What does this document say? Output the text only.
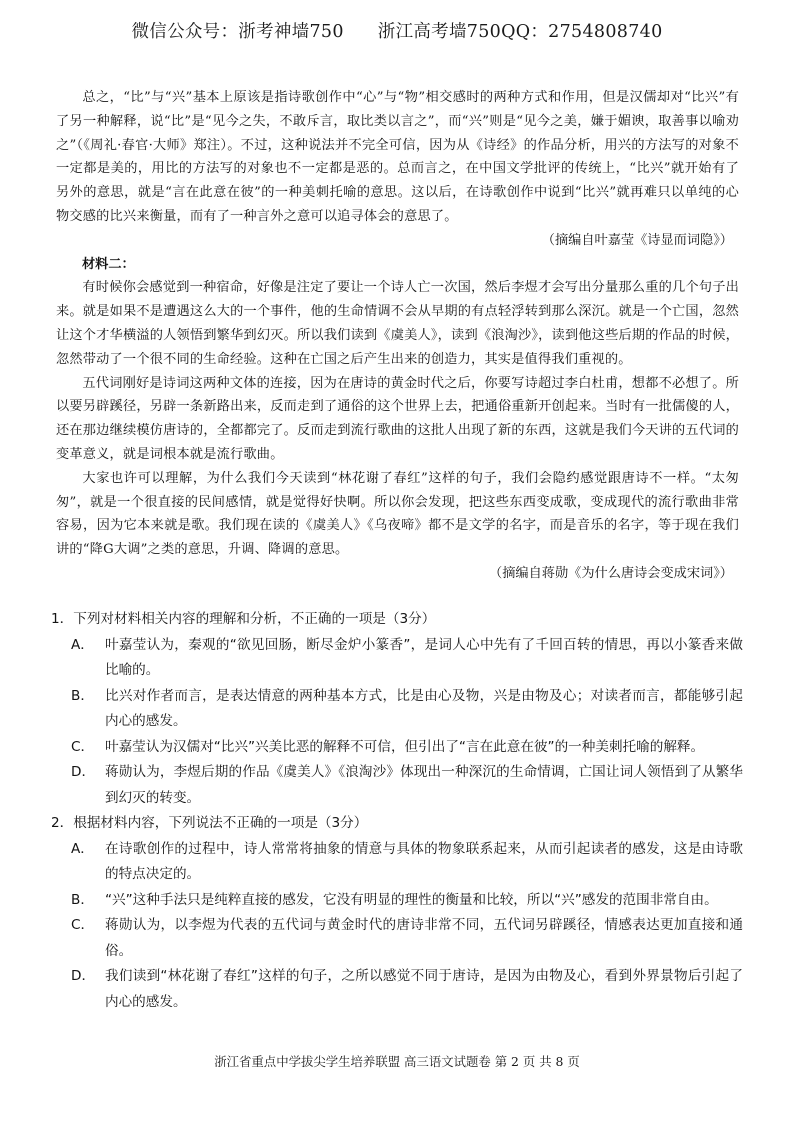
微信公众号：浙考神墙750 浙江高考墙750QQ：2754808740

总之，“比”与“兴”基本上原该是指诗歌创作中“心”与“物”相交感时的两种方式和作用，但是汉儒却对“比兴”有了另一种解释，说“比”是“见今之失，不敢斥言，取比类以言之”，而“兴”则是“见今之美，嫌于媚谀，取善事以喻劝之”（《周礼·春官·大师》郑注）。不过，这种说法并不完全可信，因为从《诗经》的作品分析，用兴的方法写的对象不一定都是美的，用比的方法写的对象也不一定都是恶的。总而言之，在中国文学批评的传统上，“比兴”就开始有了另外的意思，就是“言在此意在彼”的一种美刺托喻的意思。这以后，在诗歌创作中说到“比兴”就再难只以单纯的心物交感的比兴来衡量，而有了一种言外之意可以追寻体会的意思了。

（摘编自叶嘉莹《诗显而词隐》）

材料二：

有时候你会感觉到一种宿命，好像是注定了要让一个诗人亡一次国，然后李煜才会写出分量那么重的几个句子出来。就是如果不是遭遇这么大的一个事件，他的生命情调不会从早期的有点轻浮转到那么深沉。就是一个亡国，忽然让这个才华横溢的人领悟到繁华到幻灭。所以我们读到《虞美人》，读到《浪淘沙》，读到他这些后期的作品的时候，忽然带动了一个很不同的生命经验。这种在亡国之后产生出来的创造力，其实是值得我们重视的。

五代词刚好是诗词这两种文体的连接，因为在唐诗的黄金时代之后，你要写诗超过李白杜甫，想都不必想了。所以要另辟蹊径，另辟一条新路出来，反而走到了通俗的这个世界上去，把通俗重新开创起来。当时有一批儒傻的人，还在那边继续模仿唐诗的，全都都完了。反而走到流行歌曲的这批人出现了新的东西，这就是我们今天讲的五代词的变革意义，就是词根本就是流行歌曲。

大家也许可以理解，为什么我们今天读到“林花谢了春红”这样的句子，我们会隐约感觉跟唐诗不一样。“太匆匆”，就是一个很直接的民间感情，就是觉得好快啊。所以你会发现，把这些东西变成歌，变成现代的流行歌曲非常容易，因为它本来就是歌。我们现在读的《虞美人》《乌夜啼》都不是文学的名字，而是音乐的名字，等于现在我们讲的“降G大调”之类的意思，升调、降调的意思。

（摘编自蒋勋《为什么唐诗会变成宋词》）

1．下列对材料相关内容的理解和分析，不正确的一项是（3分）

A． 叶嘉莹认为，秦观的“欲见回肠，断尽金炉小篆香”，是词人心中先有了千回百转的情思，再以小篆香来做比喻的。
B． 比兴对作者而言，是表达情意的两种基本方式，比是由心及物，兴是由物及心；对读者而言，都能够引起内心的感发。
C． 叶嘉莹认为汉儒对“比兴”兴美比恶的解释不可信，但引出了“言在此意在彼”的一种美刺托喻的解释。
D． 蒋勋认为，李煜后期的作品《虞美人》《浪淘沙》体现出一种深沉的生命情调，亡国让词人领悟到了从繁华到幻灭的转变。

2．根据材料内容，下列说法不正确的一项是（3分）

A． 在诗歌创作的过程中，诗人常常将抽象的情意与具体的物象联系起来，从而引起读者的感发，这是由诗歌的特点决定的。
B． “兴”这种手法只是纯粹直接的感发，它没有明显的理性的衡量和比较，所以“兴”感发的范围非常自由。
C． 蒋勋认为，以李煜为代表的五代词与黄金时代的唐诗非常不同，五代词另辟蹊径，情感表达更加直接和通俗。
D． 我们读到“林花谢了春红”这样的句子，之所以感觉不同于唐诗，是因为由物及心，看到外界景物后引起了内心的感发。
浙江省重点中学拔尖学生培养联盟 高三语文试题卷 第 2 页 共 8 页
